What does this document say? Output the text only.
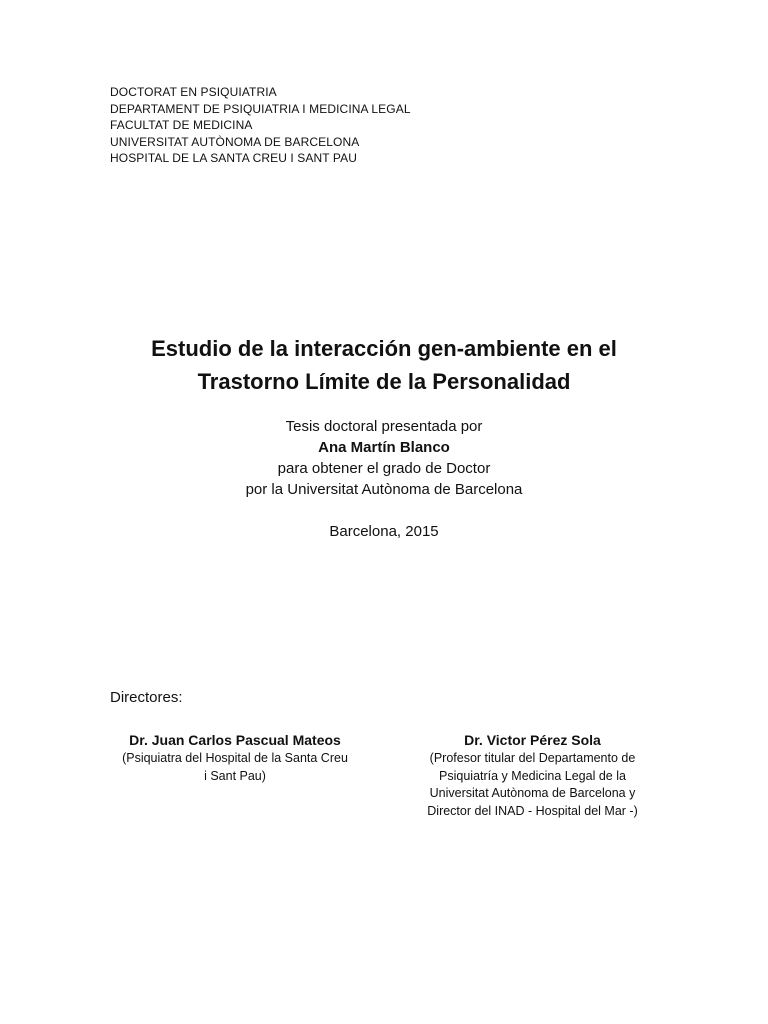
DOCTORAT EN PSIQUIATRIA
DEPARTAMENT DE PSIQUIATRIA I MEDICINA LEGAL
FACULTAT DE MEDICINA
UNIVERSITAT AUTÒNOMA DE BARCELONA
HOSPITAL DE LA SANTA CREU I SANT PAU
Estudio de la interacción gen-ambiente en el
Trastorno Límite de la Personalidad
Tesis doctoral presentada por
Ana Martín Blanco
para obtener el grado de Doctor
por la Universitat Autònoma de Barcelona
Barcelona, 2015
Directores:
Dr. Juan Carlos Pascual Mateos
(Psiquiatra del Hospital de la Santa Creu
i Sant Pau)
Dr. Victor Pérez Sola
(Profesor titular del Departamento de
Psiquiatría y Medicina Legal de la
Universitat Autònoma de Barcelona y
Director del INAD - Hospital del Mar -)
